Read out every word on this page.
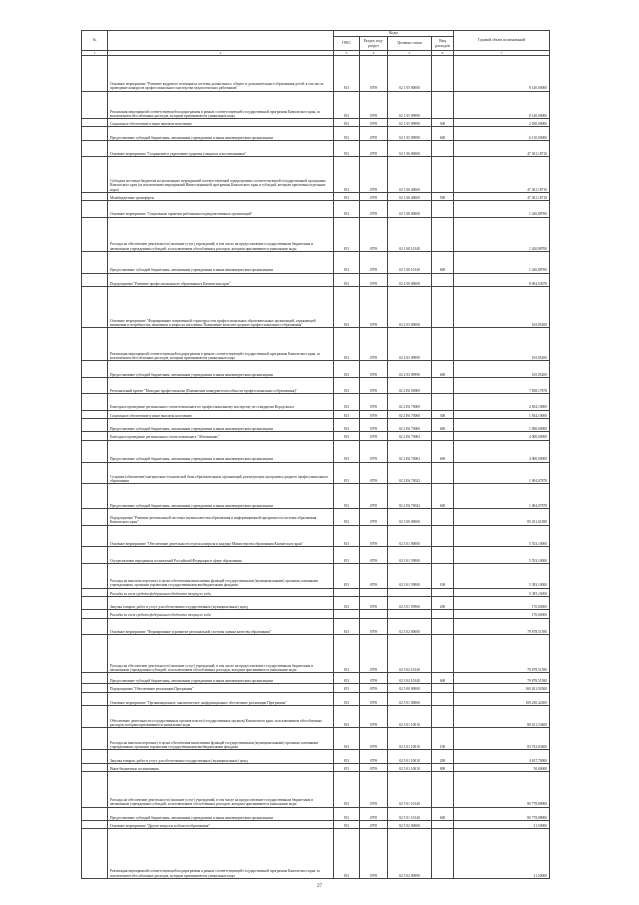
№		Коды				Годовой объем ассигнований
		ГРБС	Раздел, под-раздел	Целевая статья	Вид расходов	
1	2	3	4	5	6	7
	Основное мероприятие "Развитие кадрового потенциала системы дошкольного, общего и дополнительного образования детей, в том числе проведение конкурсов профессионального мастерства педагогических работников"	813	0709	02 1 05 00000		8 140,00000
	Реализация мероприятий соответствующей подпрограммы в рамках соответствующей государственной программы Камчатского края, за исключением обособленных расходов, которым присваиваются уникальные коды	813	0709	02 1 05 09990		8 140,00000
	Социальное обеспечение и иные выплаты населению	813	0709	02 1 05 09990	300	2 030,00000
	Предоставление субсидий бюджетным, автономным учреждениям и иным некоммерческим организациям	813	0709	02 1 05 09990	600	6 110,00000
	Основное мероприятие "Сохранение и укрепление здоровья учащихся и воспитанников"	813	0709	02 1 06 00000		47 361,18710
	Субсидии местным бюджетам на реализацию мероприятий соответствующей подпрограммы соответствующей государственной программы Камчатского края (за исключением мероприятий Инвестиционной программы Камчатского края и субсидий, которым присвоены отдельные коды)	813	0709	02 1 06 40060		47 361,18710
	Межбюджетные трансферты	813	0709	02 1 06 40060	500	47 361,18710
	Основное мероприятие "Социальные гарантии работникам подведомственных организаций"	813	0709	02 1 08 00000		1 420,88700
	Расходы на обеспечение деятельности (оказание услуг) учреждений, в том числе на предоставление государственным бюджетным и автономным учреждениям субсидий, за исключением обособленных расходов, которым присваиваются уникальные коды	813	0709	02 1 08 10140		1 420,88700
	Предоставление субсидий бюджетным, автономным учреждениям и иным некоммерческим организациям	813	0709	02 1 08 10140	600	1 420,88700
	Подпрограмма "Развитие профессионального образования в Камчатском крае"	813	0709	02 2 00 00000		8 004,03078
	Основное мероприятие "Формирование современной структуры сети профессиональных образовательных организаций, отражающей изменения в потребностях экономики и запросах населения. Повышение качества среднего профессионального образования"	813	0709	02 2 03 00000		165,85200
	Реализация мероприятий соответствующей подпрограммы в рамках соответствующей государственной программы Камчатского края, за исключением обособленных расходов, которым присваиваются уникальные коды	813	0709	02 2 03 09990		165,85200
	Предоставление субсидий бюджетным, автономным учреждениям и иным некоммерческим организациям	813	0709	02 2 03 09990	600	165,85200
	Региональный проект "Молодые профессионалы (Повышение конкурентоспособности профессионального образования)"	813	0709	02 2 E6 00000		7 838,17878
	Ежегодное проведение регионального этапа чемпионата по профессиональному мастерству по стандартам Ворлдскиллс	813	0709	02 2 E6 70000		2 834,10000
	Социальное обеспечение и иные выплаты населению	813	0709	02 2 E6 70000	300	1 834,10000
	Предоставление субсидий бюджетным, автономным учреждениям и иным некоммерческим организациям	813	0709	02 2 E6 70000	600	1 000,00000
	Ежегодное проведение регионального этапа чемпионата "Абилимпикс"	813	0709	02 2 E6 70002		4 000,00000
	Предоставление субсидий бюджетным, автономным учреждениям и иным некоммерческим организациям	813	0709	02 2 E6 70002	600	4 000,00000
	Создание (обновление) материально-технической базы образовательных организаций, реализующих программы среднего профессионального образования	813	0709	02 2 E6 70022		1 004,07878
	Предоставление субсидий бюджетным, автономным учреждениям и иным некоммерческим организациям	813	0709	02 2 E6 70022	600	1 004,07878
	Подпрограмма "Развитие региональной системы оценки качества образования и информационной прозрачности системы образования Камчатского края"	813	0709	02 3 00 00000		85 431,61580
	Основное мероприятие "Обеспечение деятельности отдела контроля и надзора Министерства образования Камчатского края"	813	0709	02 3 01 00000		5 553,10000
	Осуществление переданных полномочий Российской Федерации в сфере образования	813	0709	02 3 01 59900		5 553,10000
	Расходы на выплаты персоналу в целях обеспечения выполнения функций государственными (муниципальными) органами, казенными учреждениями, органами управления государственными внебюджетными фондами	813	0709	02 3 01 59900	100	5 383,10000
	Расходы за счет средств федерального бюджета текущего года					5 383,10000
	Закупка товаров, работ и услуг для обеспечения государственных (муниципальных) нужд	813	0709	02 3 01 59900	200	170,00000
	Расходы за счет средств федерального бюджета текущего года					170,00000
	Основное мероприятие "Формирование и развитие региональной системы оценки качества образования"	813	0709	02 3 02 00000		79 878,51580
	Расходы на обеспечение деятельности (оказание услуг) учреждений, в том числе на предоставление государственным бюджетным и автономным учреждениям субсидий, за исключением обособленных расходов, которым присваиваются уникальные коды	813	0709	02 3 02 10140		79 878,51580
	Предоставление субсидий бюджетным, автономным учреждениям и иным некоммерческим организациям	813	0709	02 3 02 10140	600	79 878,51580
	Подпрограмма "Обеспечение реализации Программы"	813	0709	02 5 00 00000		169 261,92300
	Основное мероприятие "Организационное, аналитическое, информационное обеспечение реализации Программы"	813	0709	02 5 01 00000		169 230,42300
	Обеспечение деятельности государственных органов власти (государственных органов) Камчатского края, за исключением обособленных расходов, которым присваиваются уникальные коды	813	0709	02 5 01 10010		88 451,53400
	Расходы на выплаты персоналу в целях обеспечения выполнения функций государственными (муниципальными) органами, казенными учреждениями, органами управления государственными внебюджетными фондами	813	0709	02 5 01 10010	100	83 743,83400
	Закупка товаров, работ и услуг для обеспечения государственных (муниципальных) нужд	813	0709	02 5 01 10010	200	4 657,70000
	Иные бюджетные ассигнования	813	0709	02 5 01 10010	800	50,00000
	Расходы на обеспечение деятельности (оказание услуг) учреждений, в том числе на предоставление государственным бюджетным и автономным учреждениям субсидий, за исключением обособленных расходов, которым присваиваются уникальные коды	813	0709	02 5 01 10140		80 778,88900
	Предоставление субсидий бюджетным, автономным учреждениям и иным некоммерческим организациям	813	0709	02 5 01 10140	600	80 778,88900
	Основное мероприятие "Другие вопросы в области образования"	813	0709	02 5 02 00000		31,50000
	Реализация мероприятий соответствующей подпрограммы в рамках соответствующей государственной программы Камчатского края, за исключением обособленных расходов, которым присваиваются уникальные коды	813	0709	02 5 02 09990		31,50000
27
